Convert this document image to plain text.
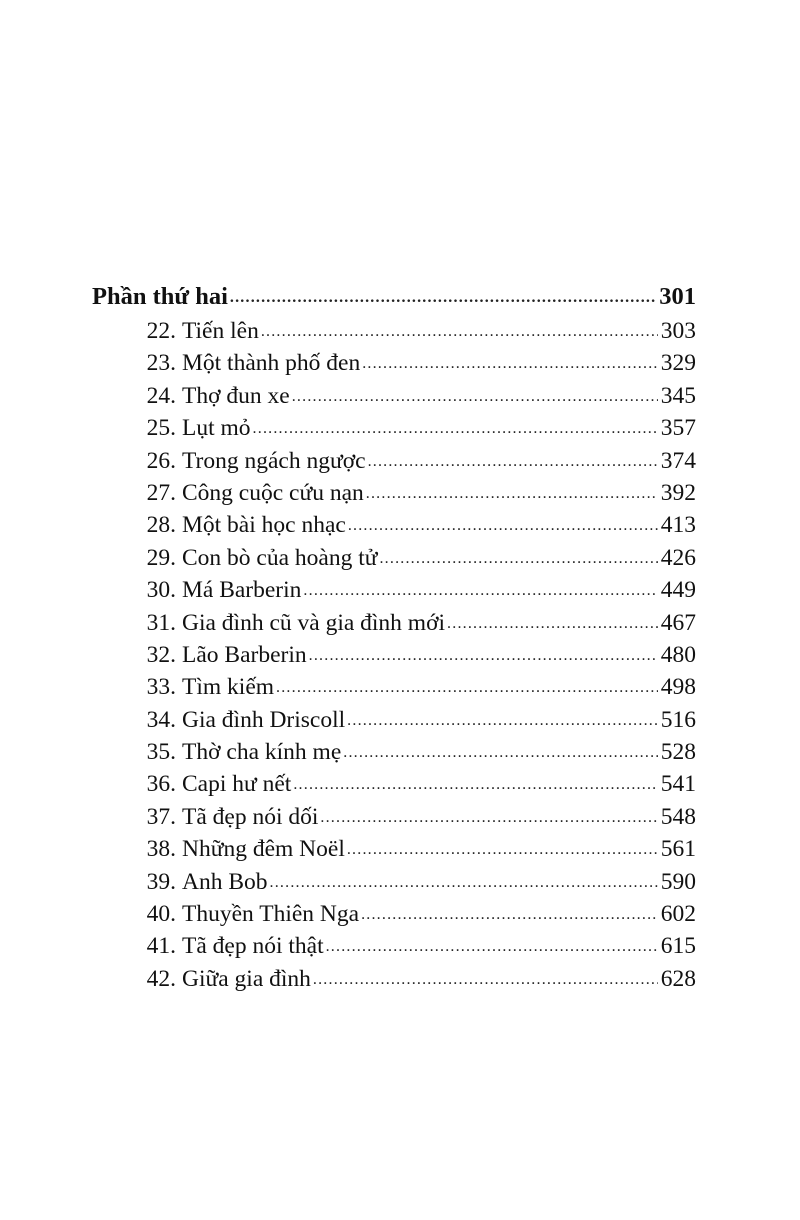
Phần thứ hai .....	301
22. Tiến lên .....	303
23. Một thành phố đen .....	329
24. Thợ đun xe .....	345
25. Lụt mỏ .....	357
26. Trong ngách ngược .....	374
27. Công cuộc cứu nạn .....	392
28. Một bài học nhạc .....	413
29. Con bò của hoàng tử .....	426
30. Má Barberin .....	449
31. Gia đình cũ và gia đình mới .....	467
32. Lão Barberin .....	480
33. Tìm kiếm .....	498
34. Gia đình Driscoll .....	516
35. Thờ cha kính mẹ .....	528
36. Capi hư nết .....	541
37. Tã đẹp nói dối .....	548
38. Những đêm Noël .....	561
39. Anh Bob .....	590
40. Thuyền Thiên Nga .....	602
41. Tã đẹp nói thật .....	615
42. Giữa gia đình .....	628
